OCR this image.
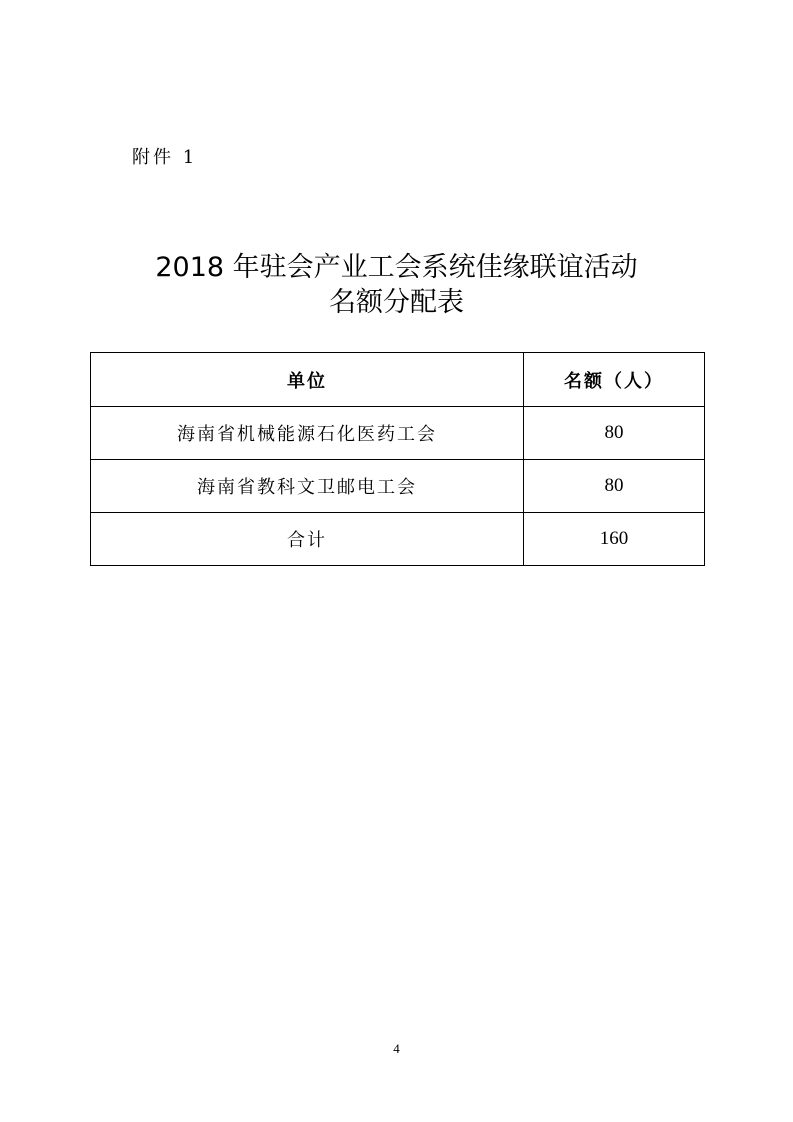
附件 1
2018 年驻会产业工会系统佳缘联谊活动
名额分配表
单位	名额（人）
海南省机械能源石化医药工会	80
海南省教科文卫邮电工会	80
合计	160
4
